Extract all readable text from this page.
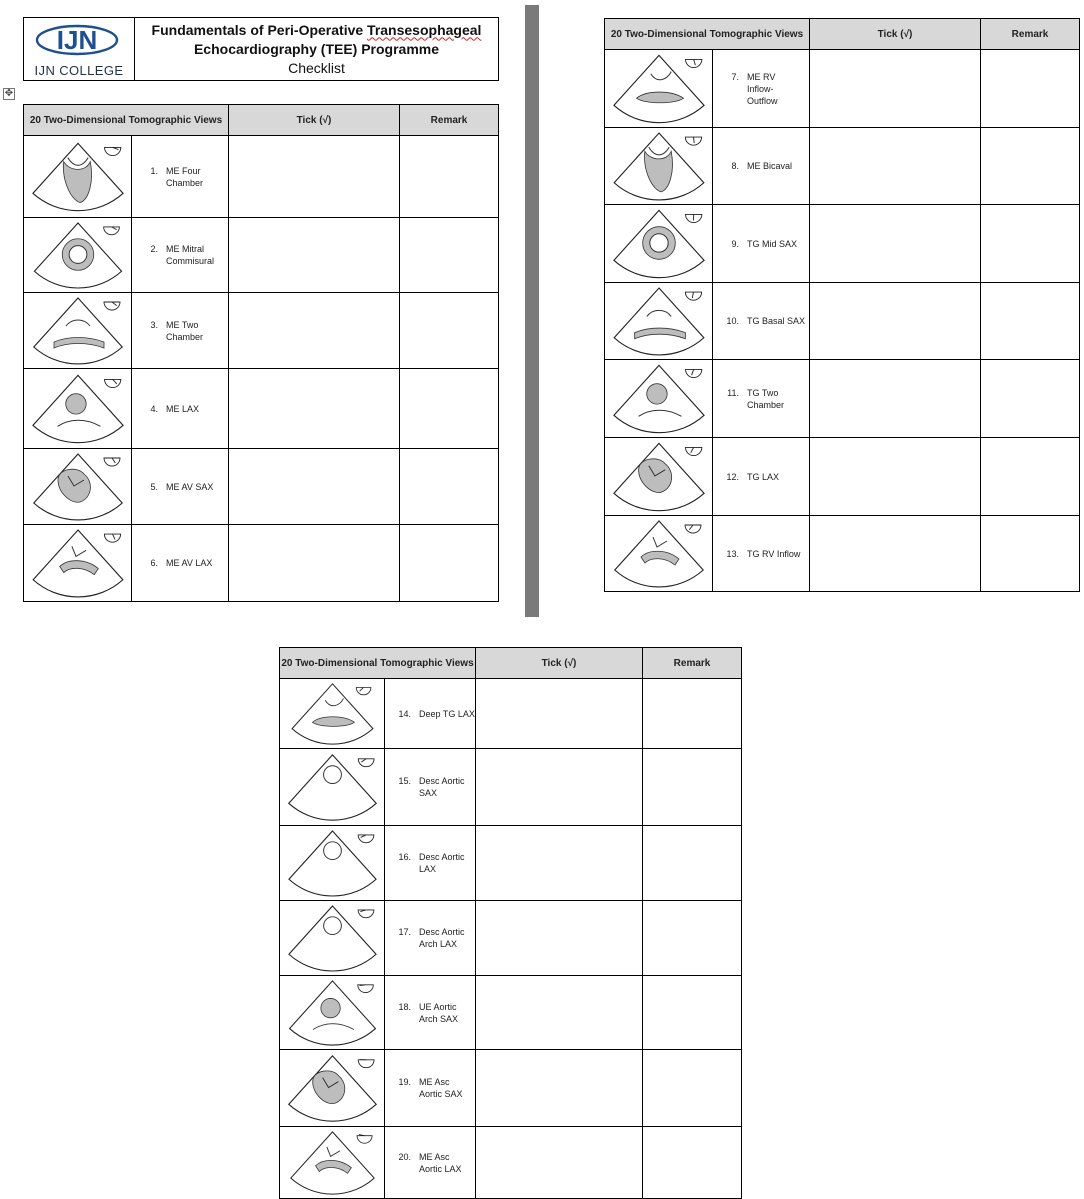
IJN
IJN COLLEGE
Fundamentals of Peri-Operative Transesophageal
Echocardiography (TEE) Programme
Checklist
✥
20 Two-Dimensional Tomographic Views		Tick (√)	Remark

1. ME Four
Chamber		

2. ME Mitral
Commisural		

3. ME Two
Chamber		

4. ME LAX		

5. ME AV SAX		

6. ME AV LAX		

20 Two-Dimensional Tomographic Views		Tick (√)	Remark

7. ME RV
Inflow-
Outflow		

8. ME Bicaval		

9. TG Mid SAX		

10. TG Basal SAX		

11. TG Two
Chamber		

12. TG LAX		

13. TG RV Inflow		

20 Two-Dimensional Tomographic Views		Tick (√)	Remark

14. Deep TG LAX		

15. Desc Aortic
SAX		

16. Desc Aortic
LAX		

17. Desc Aortic
Arch LAX		

18. UE Aortic
Arch SAX		

19. ME Asc
Aortic SAX		

20. ME Asc
Aortic LAX		
